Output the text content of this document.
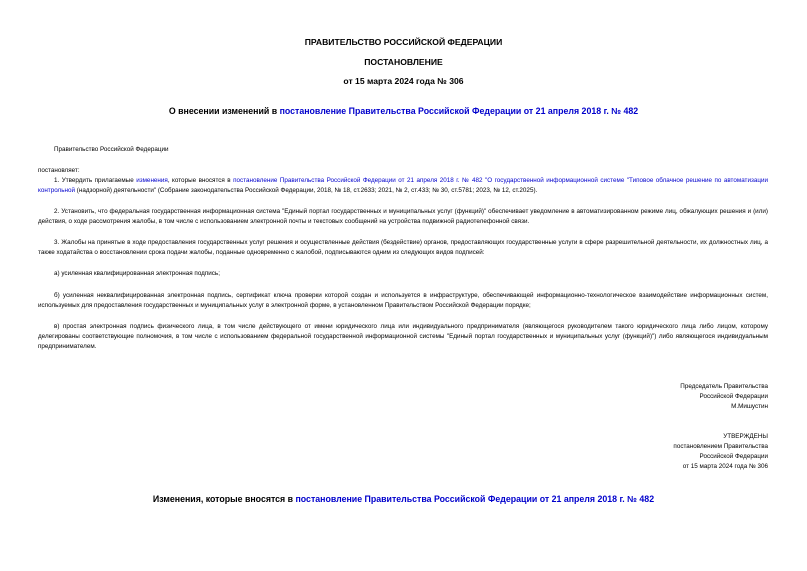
ПРАВИТЕЛЬСТВО РОССИЙСКОЙ ФЕДЕРАЦИИ
ПОСТАНОВЛЕНИЕ
от 15 марта 2024 года № 306
О внесении изменений в постановление Правительства Российской Федерации от 21 апреля 2018 г. № 482
Правительство Российской Федерации
постановляет:
1. Утвердить прилагаемые изменения, которые вносятся в постановление Правительства Российской Федерации от 21 апреля 2018 г. № 482 "О государственной информационной системе "Типовое облачное решение по автоматизации контрольной (надзорной) деятельности" (Собрание законодательства Российской Федерации, 2018, № 18, ст.2633; 2021, № 2, ст.433; № 30, ст.5781; 2023, № 12, ст.2025).
2. Установить, что федеральная государственная информационная система "Единый портал государственных и муниципальных услуг (функций)" обеспечивает уведомление в автоматизированном режиме лиц, обжалующих решения и (или) действия, о ходе рассмотрения жалобы, в том числе с использованием электронной почты и текстовых сообщений на устройства подвижной радиотелефонной связи.
3. Жалобы на принятые в ходе предоставления государственных услуг решения и осуществленные действия (бездействие) органов, предоставляющих государственные услуги в сфере разрешительной деятельности, их должностных лиц, а также ходатайства о восстановлении срока подачи жалобы, поданные одновременно с жалобой, подписываются одним из следующих видов подписей:
а) усиленная квалифицированная электронная подпись;
б) усиленная неквалифицированная электронная подпись, сертификат ключа проверки которой создан и используется в инфраструктуре, обеспечивающей информационно-технологическое взаимодействие информационных систем, используемых для предоставления государственных и муниципальных услуг в электронной форме, в установленном Правительством Российской Федерации порядке;
в) простая электронная подпись физического лица, в том числе действующего от имени юридического лица или индивидуального предпринимателя (являющегося руководителем такого юридического лица либо лицом, которому делегированы соответствующие полномочия, в том числе с использованием федеральной государственной информационной системы "Единый портал государственных и муниципальных услуг (функций)") либо являющегося индивидуальным предпринимателем.
Председатель Правительства
Российской Федерации
М.Мишустин
УТВЕРЖДЕНЫ
постановлением Правительства
Российской Федерации
от 15 марта 2024 года № 306
Изменения, которые вносятся в постановление Правительства Российской Федерации от 21 апреля 2018 г. № 482
